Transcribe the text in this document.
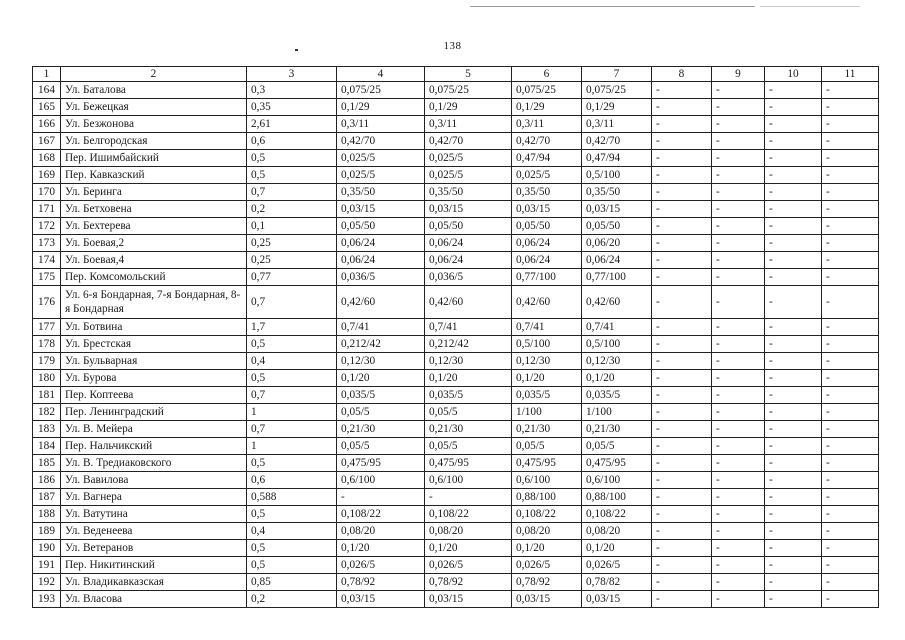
138
1	2	3	4	5	6	7	8	9	10	11
164	Ул. Баталова	0,3	0,075/25	0,075/25	0,075/25	0,075/25	-	-	-	-
165	Ул. Бежецкая	0,35	0,1/29	0,1/29	0,1/29	0,1/29	-	-	-	-
166	Ул. Безжонова	2,61	0,3/11	0,3/11	0,3/11	0,3/11	-	-	-	-
167	Ул. Белгородская	0,6	0,42/70	0,42/70	0,42/70	0,42/70	-	-	-	-
168	Пер. Ишимбайский	0,5	0,025/5	0,025/5	0,47/94	0,47/94	-	-	-	-
169	Пер. Кавказский	0,5	0,025/5	0,025/5	0,025/5	0,5/100	-	-	-	-
170	Ул. Беринга	0,7	0,35/50	0,35/50	0,35/50	0,35/50	-	-	-	-
171	Ул. Бетховена	0,2	0,03/15	0,03/15	0,03/15	0,03/15	-	-	-	-
172	Ул. Бехтерева	0,1	0,05/50	0,05/50	0,05/50	0,05/50	-	-	-	-
173	Ул. Боевая,2	0,25	0,06/24	0,06/24	0,06/24	0,06/20	-	-	-	-
174	Ул. Боевая,4	0,25	0,06/24	0,06/24	0,06/24	0,06/24	-	-	-	-
175	Пер. Комсомольский	0,77	0,036/5	0,036/5	0,77/100	0,77/100	-	-	-	-
176	Ул. 6-я Бондарная, 7-я Бондарная, 8-я Бондарная	0,7	0,42/60	0,42/60	0,42/60	0,42/60	-	-	-	-
177	Ул. Ботвина	1,7	0,7/41	0,7/41	0,7/41	0,7/41	-	-	-	-
178	Ул. Брестская	0,5	0,212/42	0,212/42	0,5/100	0,5/100	-	-	-	-
179	Ул. Бульварная	0,4	0,12/30	0,12/30	0,12/30	0,12/30	-	-	-	-
180	Ул. Бурова	0,5	0,1/20	0,1/20	0,1/20	0,1/20	-	-	-	-
181	Пер. Коптеева	0,7	0,035/5	0,035/5	0,035/5	0,035/5	-	-	-	-
182	Пер. Ленинградский	1	0,05/5	0,05/5	1/100	1/100	-	-	-	-
183	Ул. В. Мейера	0,7	0,21/30	0,21/30	0,21/30	0,21/30	-	-	-	-
184	Пер. Нальчикский	1	0,05/5	0,05/5	0,05/5	0,05/5	-	-	-	-
185	Ул. В. Тредиаковского	0,5	0,475/95	0,475/95	0,475/95	0,475/95	-	-	-	-
186	Ул. Вавилова	0,6	0,6/100	0,6/100	0,6/100	0,6/100	-	-	-	-
187	Ул. Вагнера	0,588	-	-	0,88/100	0,88/100	-	-	-	-
188	Ул. Ватутина	0,5	0,108/22	0,108/22	0,108/22	0,108/22	-	-	-	-
189	Ул. Веденеева	0,4	0,08/20	0,08/20	0,08/20	0,08/20	-	-	-	-
190	Ул. Ветеранов	0,5	0,1/20	0,1/20	0,1/20	0,1/20	-	-	-	-
191	Пер. Никитинский	0,5	0,026/5	0,026/5	0,026/5	0,026/5	-	-	-	-
192	Ул. Владикавказская	0,85	0,78/92	0,78/92	0,78/92	0,78/82	-	-	-	-
193	Ул. Власова	0,2	0,03/15	0,03/15	0,03/15	0,03/15	-	-	-	-
